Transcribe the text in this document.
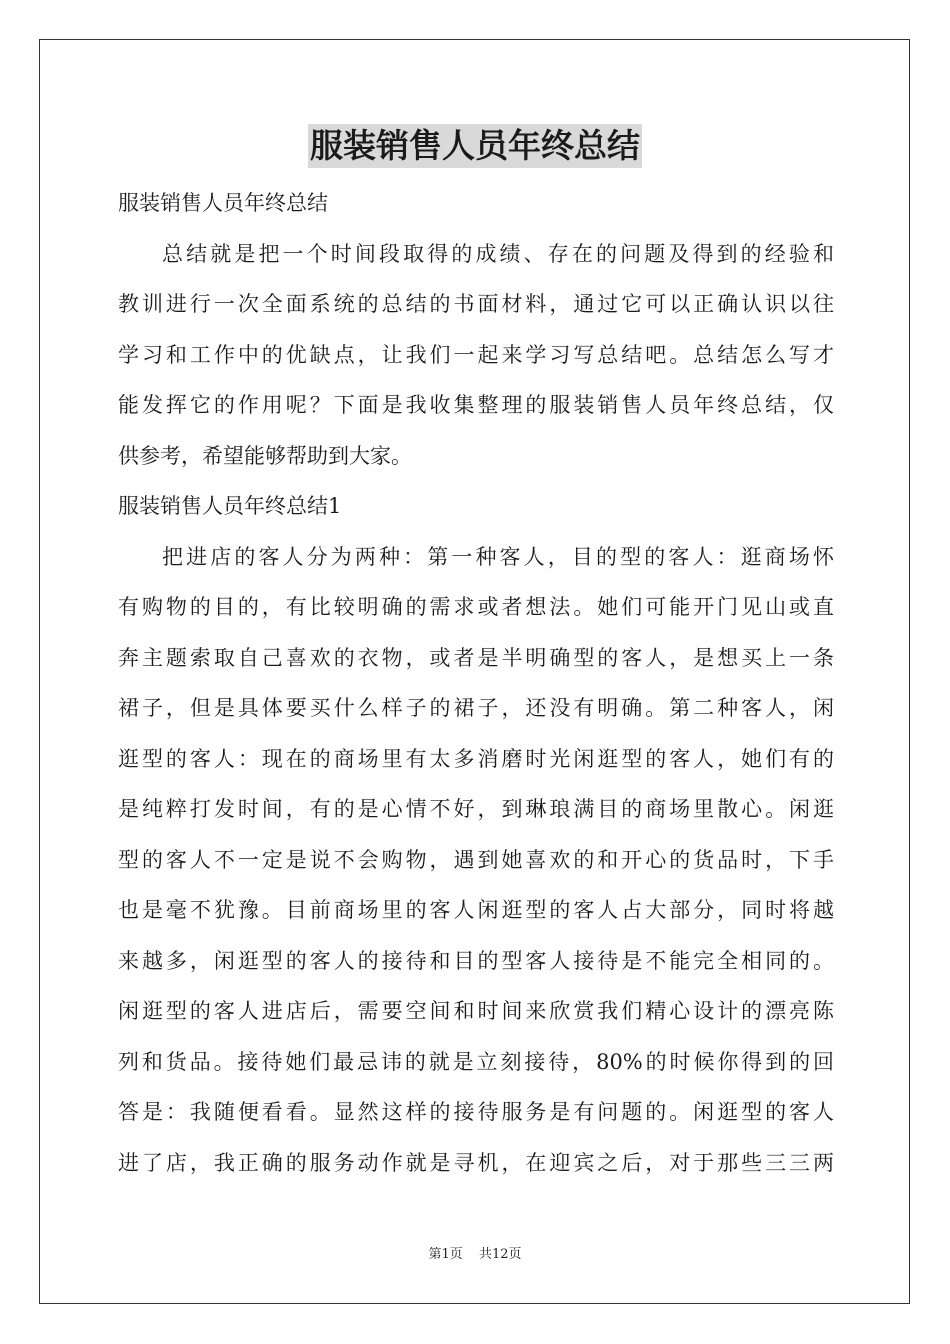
服装销售人员年终总结
服装销售人员年终总结
总结就是把一个时间段取得的成绩、存在的问题及得到的经验和
教训进行一次全面系统的总结的书面材料，通过它可以正确认识以往
学习和工作中的优缺点，让我们一起来学习写总结吧。总结怎么写才
能发挥它的作用呢？下面是我收集整理的服装销售人员年终总结，仅
供参考，希望能够帮助到大家。
服装销售人员年终总结1
把进店的客人分为两种：第一种客人，目的型的客人：逛商场怀
有购物的目的，有比较明确的需求或者想法。她们可能开门见山或直
奔主题索取自己喜欢的衣物，或者是半明确型的客人，是想买上一条
裙子，但是具体要买什么样子的裙子，还没有明确。第二种客人，闲
逛型的客人：现在的商场里有太多消磨时光闲逛型的客人，她们有的
是纯粹打发时间，有的是心情不好，到琳琅满目的商场里散心。闲逛
型的客人不一定是说不会购物，遇到她喜欢的和开心的货品时，下手
也是毫不犹豫。目前商场里的客人闲逛型的客人占大部分，同时将越
来越多，闲逛型的客人的接待和目的型客人接待是不能完全相同的。
闲逛型的客人进店后，需要空间和时间来欣赏我们精心设计的漂亮陈
列和货品。接待她们最忌讳的就是立刻接待，80%的时候你得到的回
答是：我随便看看。显然这样的接待服务是有问题的。闲逛型的客人
进了店，我正确的服务动作就是寻机，在迎宾之后，对于那些三三两
第1页 共12页
